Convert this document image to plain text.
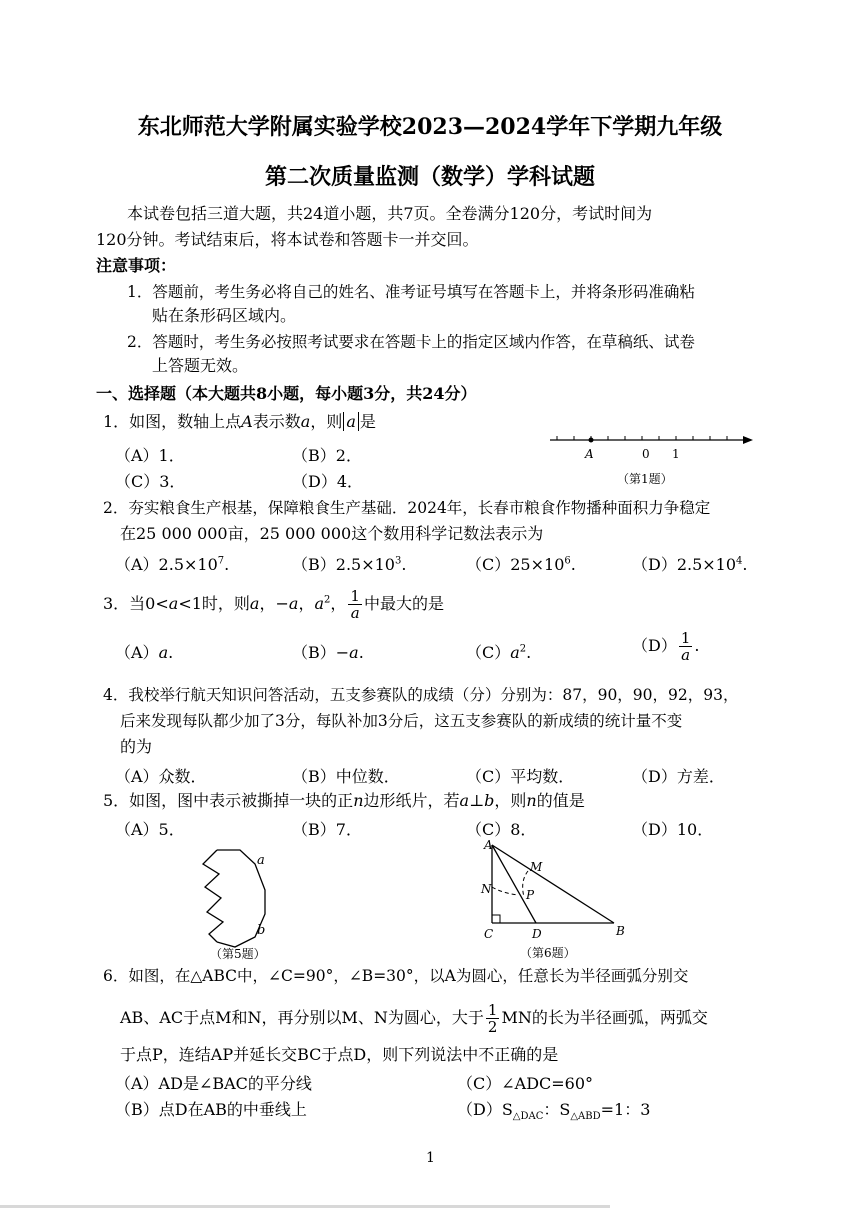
东北师范大学附属实验学校2023—2024学年下学期九年级
第二次质量监测（数学）学科试题
本试卷包括三道大题，共24道小题，共7页。全卷满分120分，考试时间为
120分钟。考试结束后，将本试卷和答题卡一并交回。
注意事项：
1．答题前，考生务必将自己的姓名、准考证号填写在答题卡上，并将条形码准确粘
贴在条形码区域内。
2．答题时，考生务必按照考试要求在答题卡上的指定区域内作答，在草稿纸、试卷
上答题无效。
一、选择题（本大题共8小题，每小题3分，共24分）
1．如图，数轴上点A表示数a，则 a 是
（A）1．	（B）2．
（C）3．	（D）4．
A	0 1
（第1题）
2．夯实粮食生产根基，保障粮食生产基础．2024年，长春市粮食作物播种面积力争稳定
在25 000 000亩，25 000 000这个数用科学记数法表示为
$(A)2.5\times 10^7$.	$(B)2.5\times 10^3$.	$(C)25\times 10^6$.	$(D)2.5\times 10^4$.
3．当0<a<1时，则a，−a，$a^2$， $\frac{1}{a}$ 中最大的是
（A）a.	（B）−a.	$(C)a^2$.	$(D) \frac{1}{a}$ .
4．我校举行航天知识问答活动，五支参赛队的成绩（分）分别为：87，90，90，92，93，
后来发现每队都少加了3分，每队补加3分后，这五支参赛队的新成绩的统计量不变
的为
（A）众数．	（B）中位数．	（C）平均数．	（D）方差．
5．如图，图中表示被撕掉一块的正n边形纸片，若a⊥b，则n的值是
（A）5．	（B）7．	（C）8．	（D）10．
a
b
（第5题）
A
M
N	P
C	D	B
（第6题）
6．如图，在△ABC中，∠C=90°，∠B=30°，以A为圆心，任意长为半径画弧分别交
AB、AC于点M和N，再分别以M、N为圆心，大于 $\frac{1}{2}$ MN的长为半径画弧，两弧交
于点P，连结AP并延长交BC于点D，则下列说法中不正确的是
（A）AD是∠BAC的平分线	（C）∠ADC=60°
（B）点D在AB的中垂线上	$(D)S_{\triangle DAC}$：$S_{\triangle ABD}=1$：3
1
